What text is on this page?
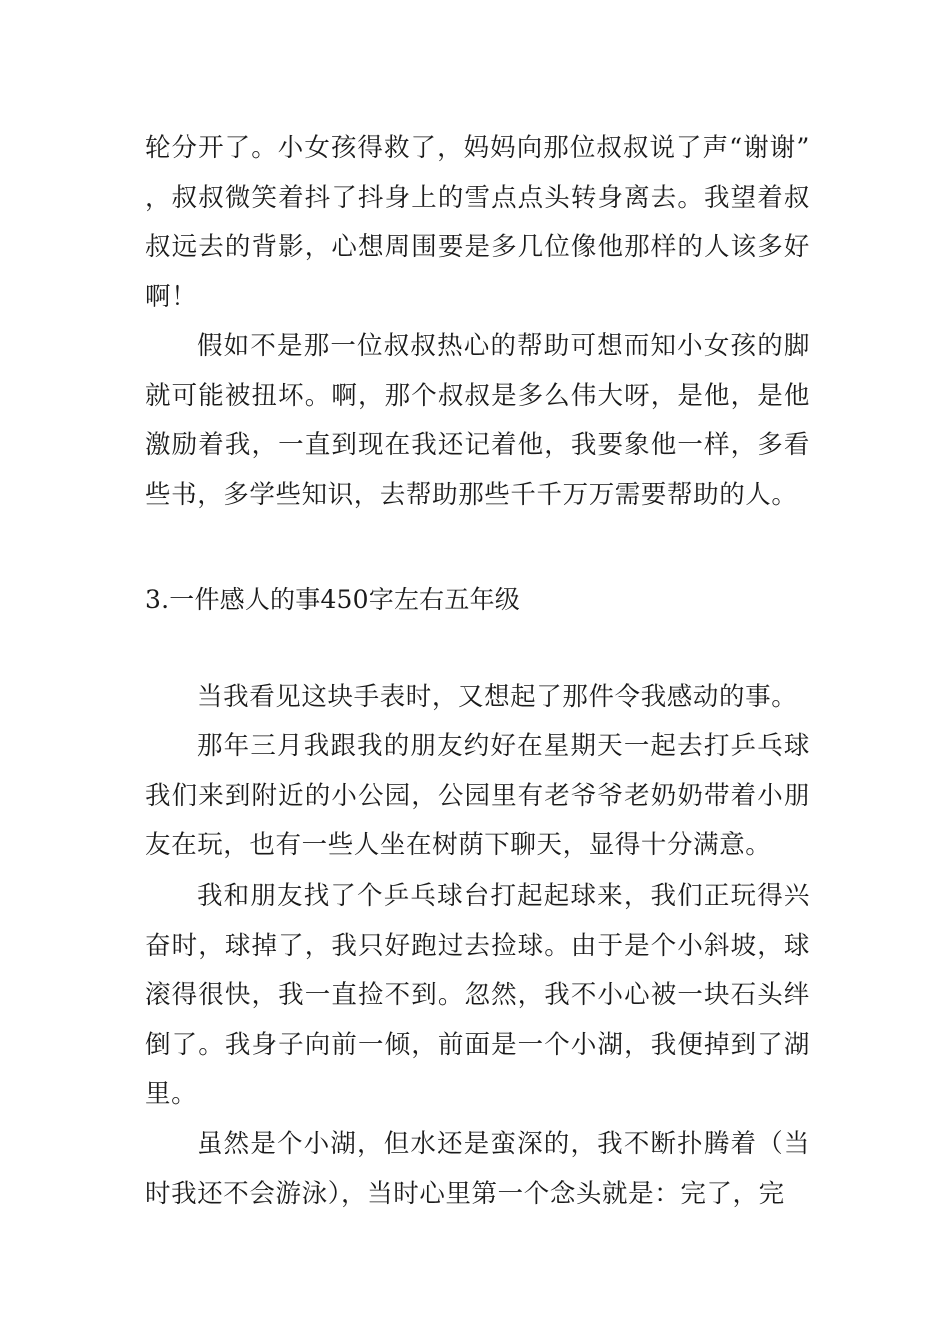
轮分开了。小女孩得救了，妈妈向那位叔叔说了声“谢谢”，叔叔微笑着抖了抖身上的雪点点头转身离去。我望着叔叔远去的背影，心想周围要是多几位像他那样的人该多好啊！

假如不是那一位叔叔热心的帮助可想而知小女孩的脚就可能被扭坏。啊，那个叔叔是多么伟大呀，是他，是他激励着我，一直到现在我还记着他，我要象他一样，多看些书，多学些知识，去帮助那些千千万万需要帮助的人。

3.一件感人的事450字左右五年级

当我看见这块手表时，又想起了那件令我感动的事。

那年三月我跟我的朋友约好在星期天一起去打乒乓球我们来到附近的小公园，公园里有老爷爷老奶奶带着小朋友在玩，也有一些人坐在树荫下聊天，显得十分满意。

我和朋友找了个乒乓球台打起起球来，我们正玩得兴奋时，球掉了，我只好跑过去捡球。由于是个小斜坡，球滚得很快，我一直捡不到。忽然，我不小心被一块石头绊倒了。我身子向前一倾，前面是一个小湖，我便掉到了湖里。

虽然是个小湖，但水还是蛮深的，我不断扑腾着（当时我还不会游泳），当时心里第一个念头就是：完了，完
